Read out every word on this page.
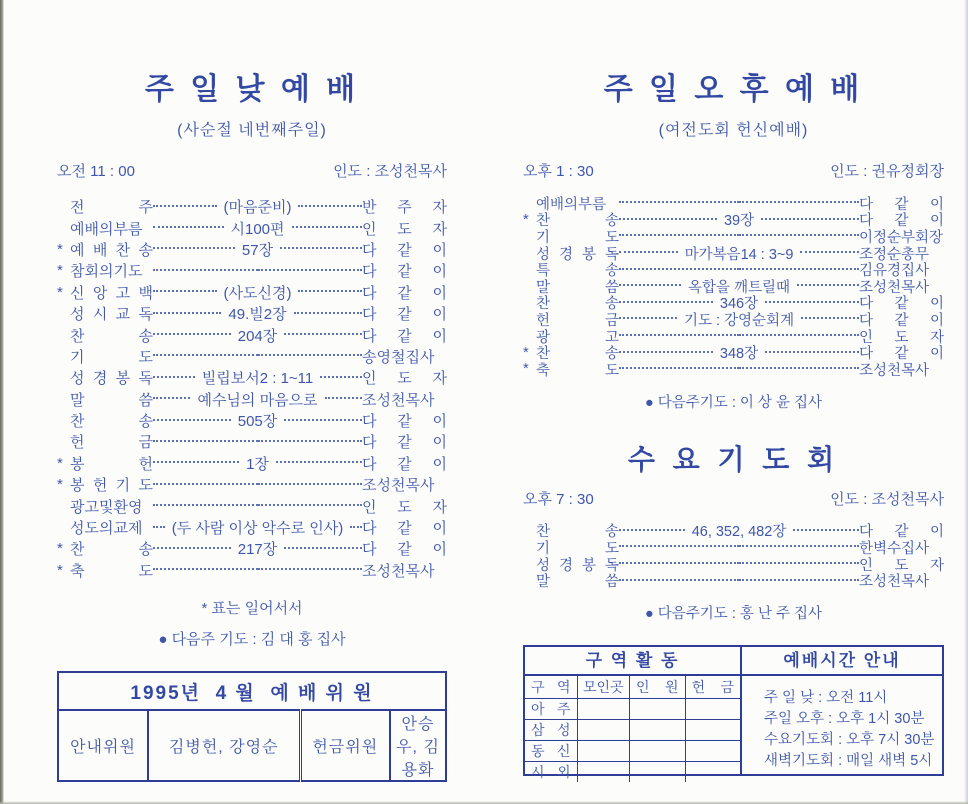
주 일 낮 예 배
(사순절 네번째주일)
오전 11 : 00	인도 : 조성천목사
전 주	(마음준비)	반 주 자
예배의부름	시100편	인 도 자
* 예 배 찬 송	57장	다 같 이
* 참회의기도	다 같 이
* 신 앙 고 백	(사도신경)	다 같 이
성 시 교 독	49.빌2장	다 같 이
찬 송	204장	다 같 이
기 도	송영철집사
성 경 봉 독	빌립보서2 : 1~11	인 도 자
말 씀	예수님의 마음으로	조성천목사
찬 송	505장	다 같 이
헌 금	다 같 이
* 봉 헌	1장	다 같 이
* 봉 헌 기 도	조성천목사
광고및환영	인 도 자
성도의교제	(두 사람 이상 악수로 인사)	다 같 이
* 찬 송	217장	다 같 이
* 축 도	조성천목사
* 표는 일어서서
● 다음주 기도 : 김 대 홍 집사
1995년  4 월  예 배 위 원
안내위원	김병헌, 강영순	헌금위원	안승우, 김용화
주 일 오 후 예 배
(여전도회 헌신예배)
오후 1 : 30	인도 : 권유정회장
예배의부름	다 같 이
* 찬 송	39장	다 같 이
기 도	이정순부회장
성 경 봉 독	마가복음14 : 3~9	조정순총무
특 송	김유경집사
말 씀	옥합을 깨트릴때	조성천목사
찬 송	346장	다 같 이
헌 금	기도 : 강영순회계	다 같 이
광 고	인 도 자
* 찬 송	348장	다 같 이
* 축 도	조성천목사
● 다음주기도 : 이 상 윤 집사
수 요 기 도 회
오후 7 : 30	인도 : 조성천목사
찬 송	46, 352, 482장	다 같 이
기 도	한벽수집사
성 경 봉 독	인 도 자
말 씀	조성천목사
● 다음주기도 : 홍 난 주 집사
구 역 활 동
구 역	모인곳	인 원	헌 금
아 주			
삼 성			
동 신			
시 외			
예배시간 안내
주 일 낮 : 오전 11시
주일 오후 : 오후 1시 30분
수요기도회 : 오후 7시 30분
새벽기도회 : 매일 새벽 5시
